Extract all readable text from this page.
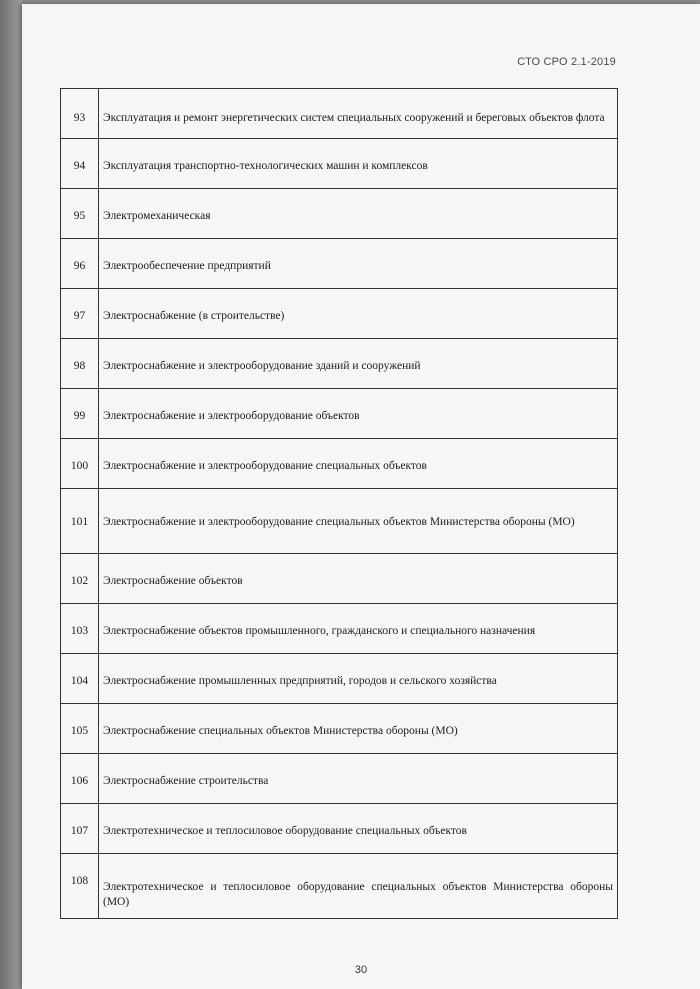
СТО СРО 2.1-2019
93	Эксплуатация и ремонт энергетических систем специальных сооружений и береговых объектов флота
94	Эксплуатация транспортно-технологических машин и комплексов
95	Электромеханическая
96	Электрообеспечение предприятий
97	Электроснабжение (в строительстве)
98	Электроснабжение и электрооборудование зданий и сооружений
99	Электроснабжение и электрооборудование объектов
100	Электроснабжение и электрооборудование специальных объектов
101	Электроснабжение и электрооборудование специальных объектов Министерства обороны (МО)
102	Электроснабжение объектов
103	Электроснабжение объектов промышленного, гражданского и специального назначения
104	Электроснабжение промышленных предприятий, городов и сельского хозяйства
105	Электроснабжение специальных объектов Министерства обороны (МО)
106	Электроснабжение строительства
107	Электротехническое и теплосиловое оборудование специальных объектов
108	Электротехническое и теплосиловое оборудование специальных объектов Министерства обороны (МО)
30
